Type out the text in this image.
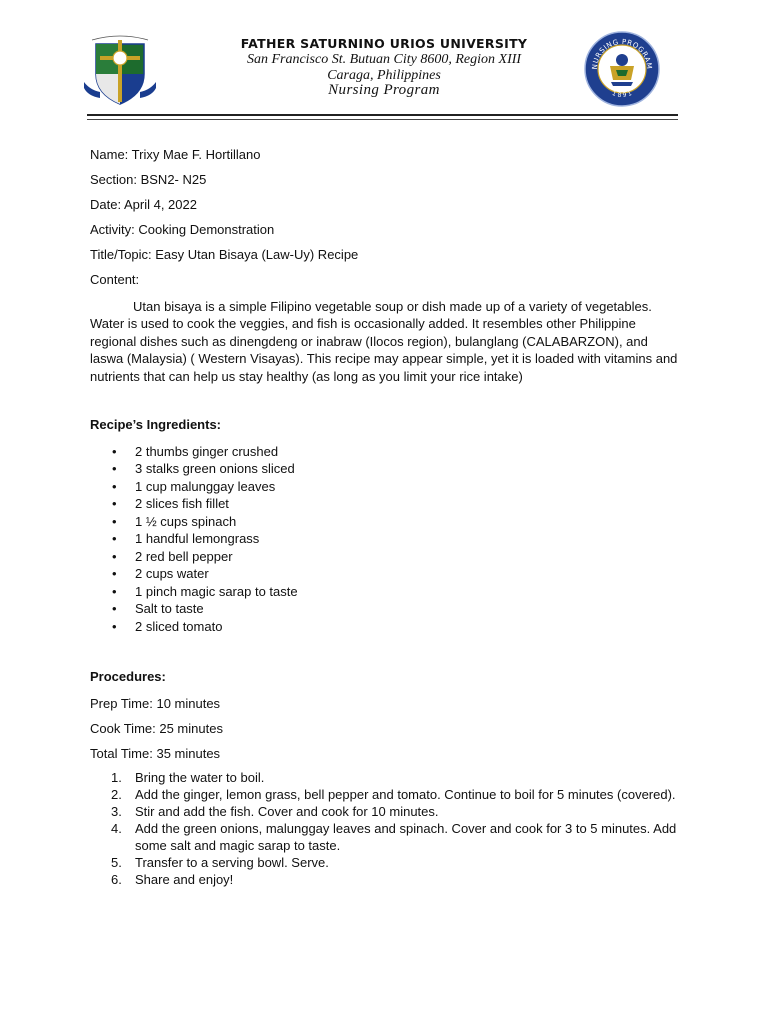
FATHER SATURNINO URIOS UNIVERSITY
San Francisco St. Butuan City 8600, Region XIII
Caraga, Philippines
Nursing Program
NURSING PROGRAM
1 8 9 1

Name: Trixy Mae F. Hortillano

Section: BSN2- N25

Date: April 4, 2022

Activity: Cooking Demonstration

Title/Topic: Easy Utan Bisaya (Law-Uy) Recipe

Content:

Utan bisaya is a simple Filipino vegetable soup or dish made up of a variety of vegetables. Water is used to cook the veggies, and fish is occasionally added. It resembles other Philippine regional dishes such as dinengdeng or inabraw (Ilocos region), bulanglang (CALABARZON), and laswa (Malaysia) ( Western Visayas). This recipe may appear simple, yet it is loaded with vitamins and nutrients that can help us stay healthy (as long as you limit your rice intake)

Recipe’s Ingredients:

• 2 thumbs ginger crushed
• 3 stalks green onions sliced
• 1 cup malunggay leaves
• 2 slices fish fillet
• 1 ½ cups spinach
• 1 handful lemongrass
• 2 red bell pepper
• 2 cups water
• 1 pinch magic sarap to taste
• Salt to taste
• 2 sliced tomato

Procedures:

Prep Time: 10 minutes

Cook Time: 25 minutes

Total Time: 35 minutes

1. Bring the water to boil.
2. Add the ginger, lemon grass, bell pepper and tomato. Continue to boil for 5 minutes (covered).
3. Stir and add the fish. Cover and cook for 10 minutes.
4. Add the green onions, malunggay leaves and spinach. Cover and cook for 3 to 5 minutes. Add some salt and magic sarap to taste.
5. Transfer to a serving bowl. Serve.
6. Share and enjoy!
